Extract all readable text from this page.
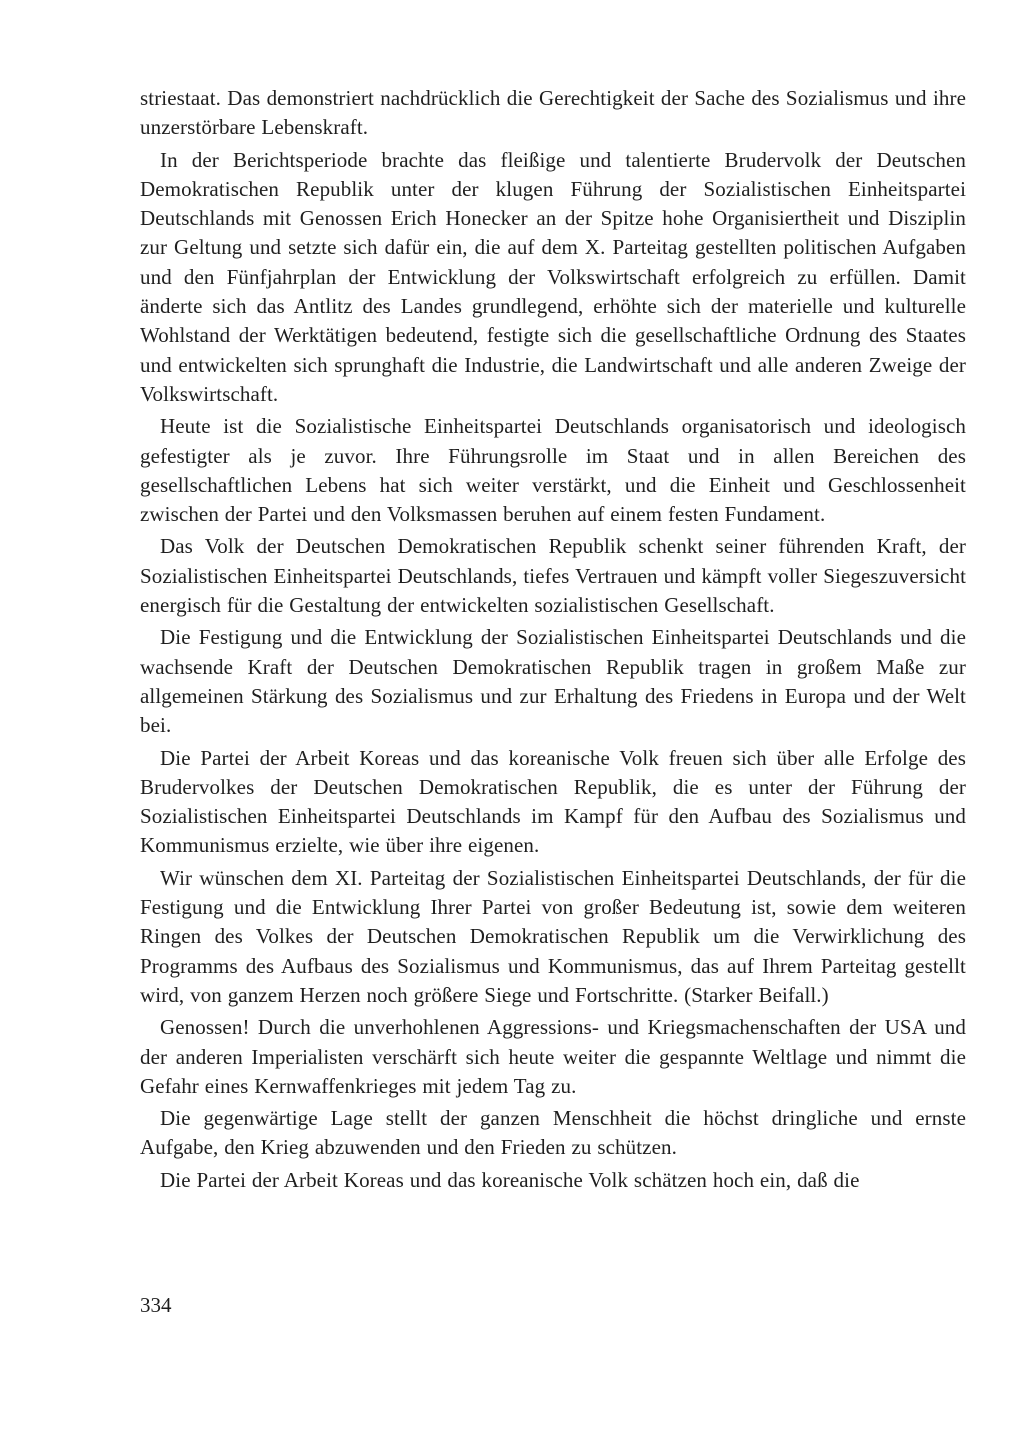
striestaat. Das demonstriert nachdrücklich die Gerechtigkeit der Sache des Sozialismus und ihre unzerstörbare Lebenskraft.

In der Berichtsperiode brachte das fleißige und talentierte Brudervolk der Deutschen Demokratischen Republik unter der klugen Führung der Sozialistischen Einheitspartei Deutschlands mit Genossen Erich Honecker an der Spitze hohe Organisiertheit und Disziplin zur Geltung und setzte sich dafür ein, die auf dem X. Parteitag gestellten politischen Aufgaben und den Fünfjahrplan der Entwicklung der Volkswirtschaft erfolgreich zu erfüllen. Damit änderte sich das Antlitz des Landes grundlegend, erhöhte sich der materielle und kulturelle Wohlstand der Werktätigen bedeutend, festigte sich die gesellschaftliche Ordnung des Staates und entwickelten sich sprunghaft die Industrie, die Landwirtschaft und alle anderen Zweige der Volkswirtschaft.

Heute ist die Sozialistische Einheitspartei Deutschlands organisatorisch und ideologisch gefestigter als je zuvor. Ihre Führungsrolle im Staat und in allen Bereichen des gesellschaftlichen Lebens hat sich weiter verstärkt, und die Einheit und Geschlossenheit zwischen der Partei und den Volksmassen beruhen auf einem festen Fundament.

Das Volk der Deutschen Demokratischen Republik schenkt seiner führenden Kraft, der Sozialistischen Einheitspartei Deutschlands, tiefes Vertrauen und kämpft voller Siegeszuversicht energisch für die Gestaltung der entwickelten sozialistischen Gesellschaft.

Die Festigung und die Entwicklung der Sozialistischen Einheitspartei Deutschlands und die wachsende Kraft der Deutschen Demokratischen Republik tragen in großem Maße zur allgemeinen Stärkung des Sozialismus und zur Erhaltung des Friedens in Europa und der Welt bei.

Die Partei der Arbeit Koreas und das koreanische Volk freuen sich über alle Erfolge des Brudervolkes der Deutschen Demokratischen Republik, die es unter der Führung der Sozialistischen Einheitspartei Deutschlands im Kampf für den Aufbau des Sozialismus und Kommunismus erzielte, wie über ihre eigenen.

Wir wünschen dem XI. Parteitag der Sozialistischen Einheitspartei Deutschlands, der für die Festigung und die Entwicklung Ihrer Partei von großer Bedeutung ist, sowie dem weiteren Ringen des Volkes der Deutschen Demokratischen Republik um die Verwirklichung des Programms des Aufbaus des Sozialismus und Kommunismus, das auf Ihrem Parteitag gestellt wird, von ganzem Herzen noch größere Siege und Fortschritte. (Starker Beifall.)

Genossen! Durch die unverhohlenen Aggressions- und Kriegsmachenschaften der USA und der anderen Imperialisten verschärft sich heute weiter die gespannte Weltlage und nimmt die Gefahr eines Kernwaffenkrieges mit jedem Tag zu.

Die gegenwärtige Lage stellt der ganzen Menschheit die höchst dringliche und ernste Aufgabe, den Krieg abzuwenden und den Frieden zu schützen.

Die Partei der Arbeit Koreas und das koreanische Volk schätzen hoch ein, daß die

334
